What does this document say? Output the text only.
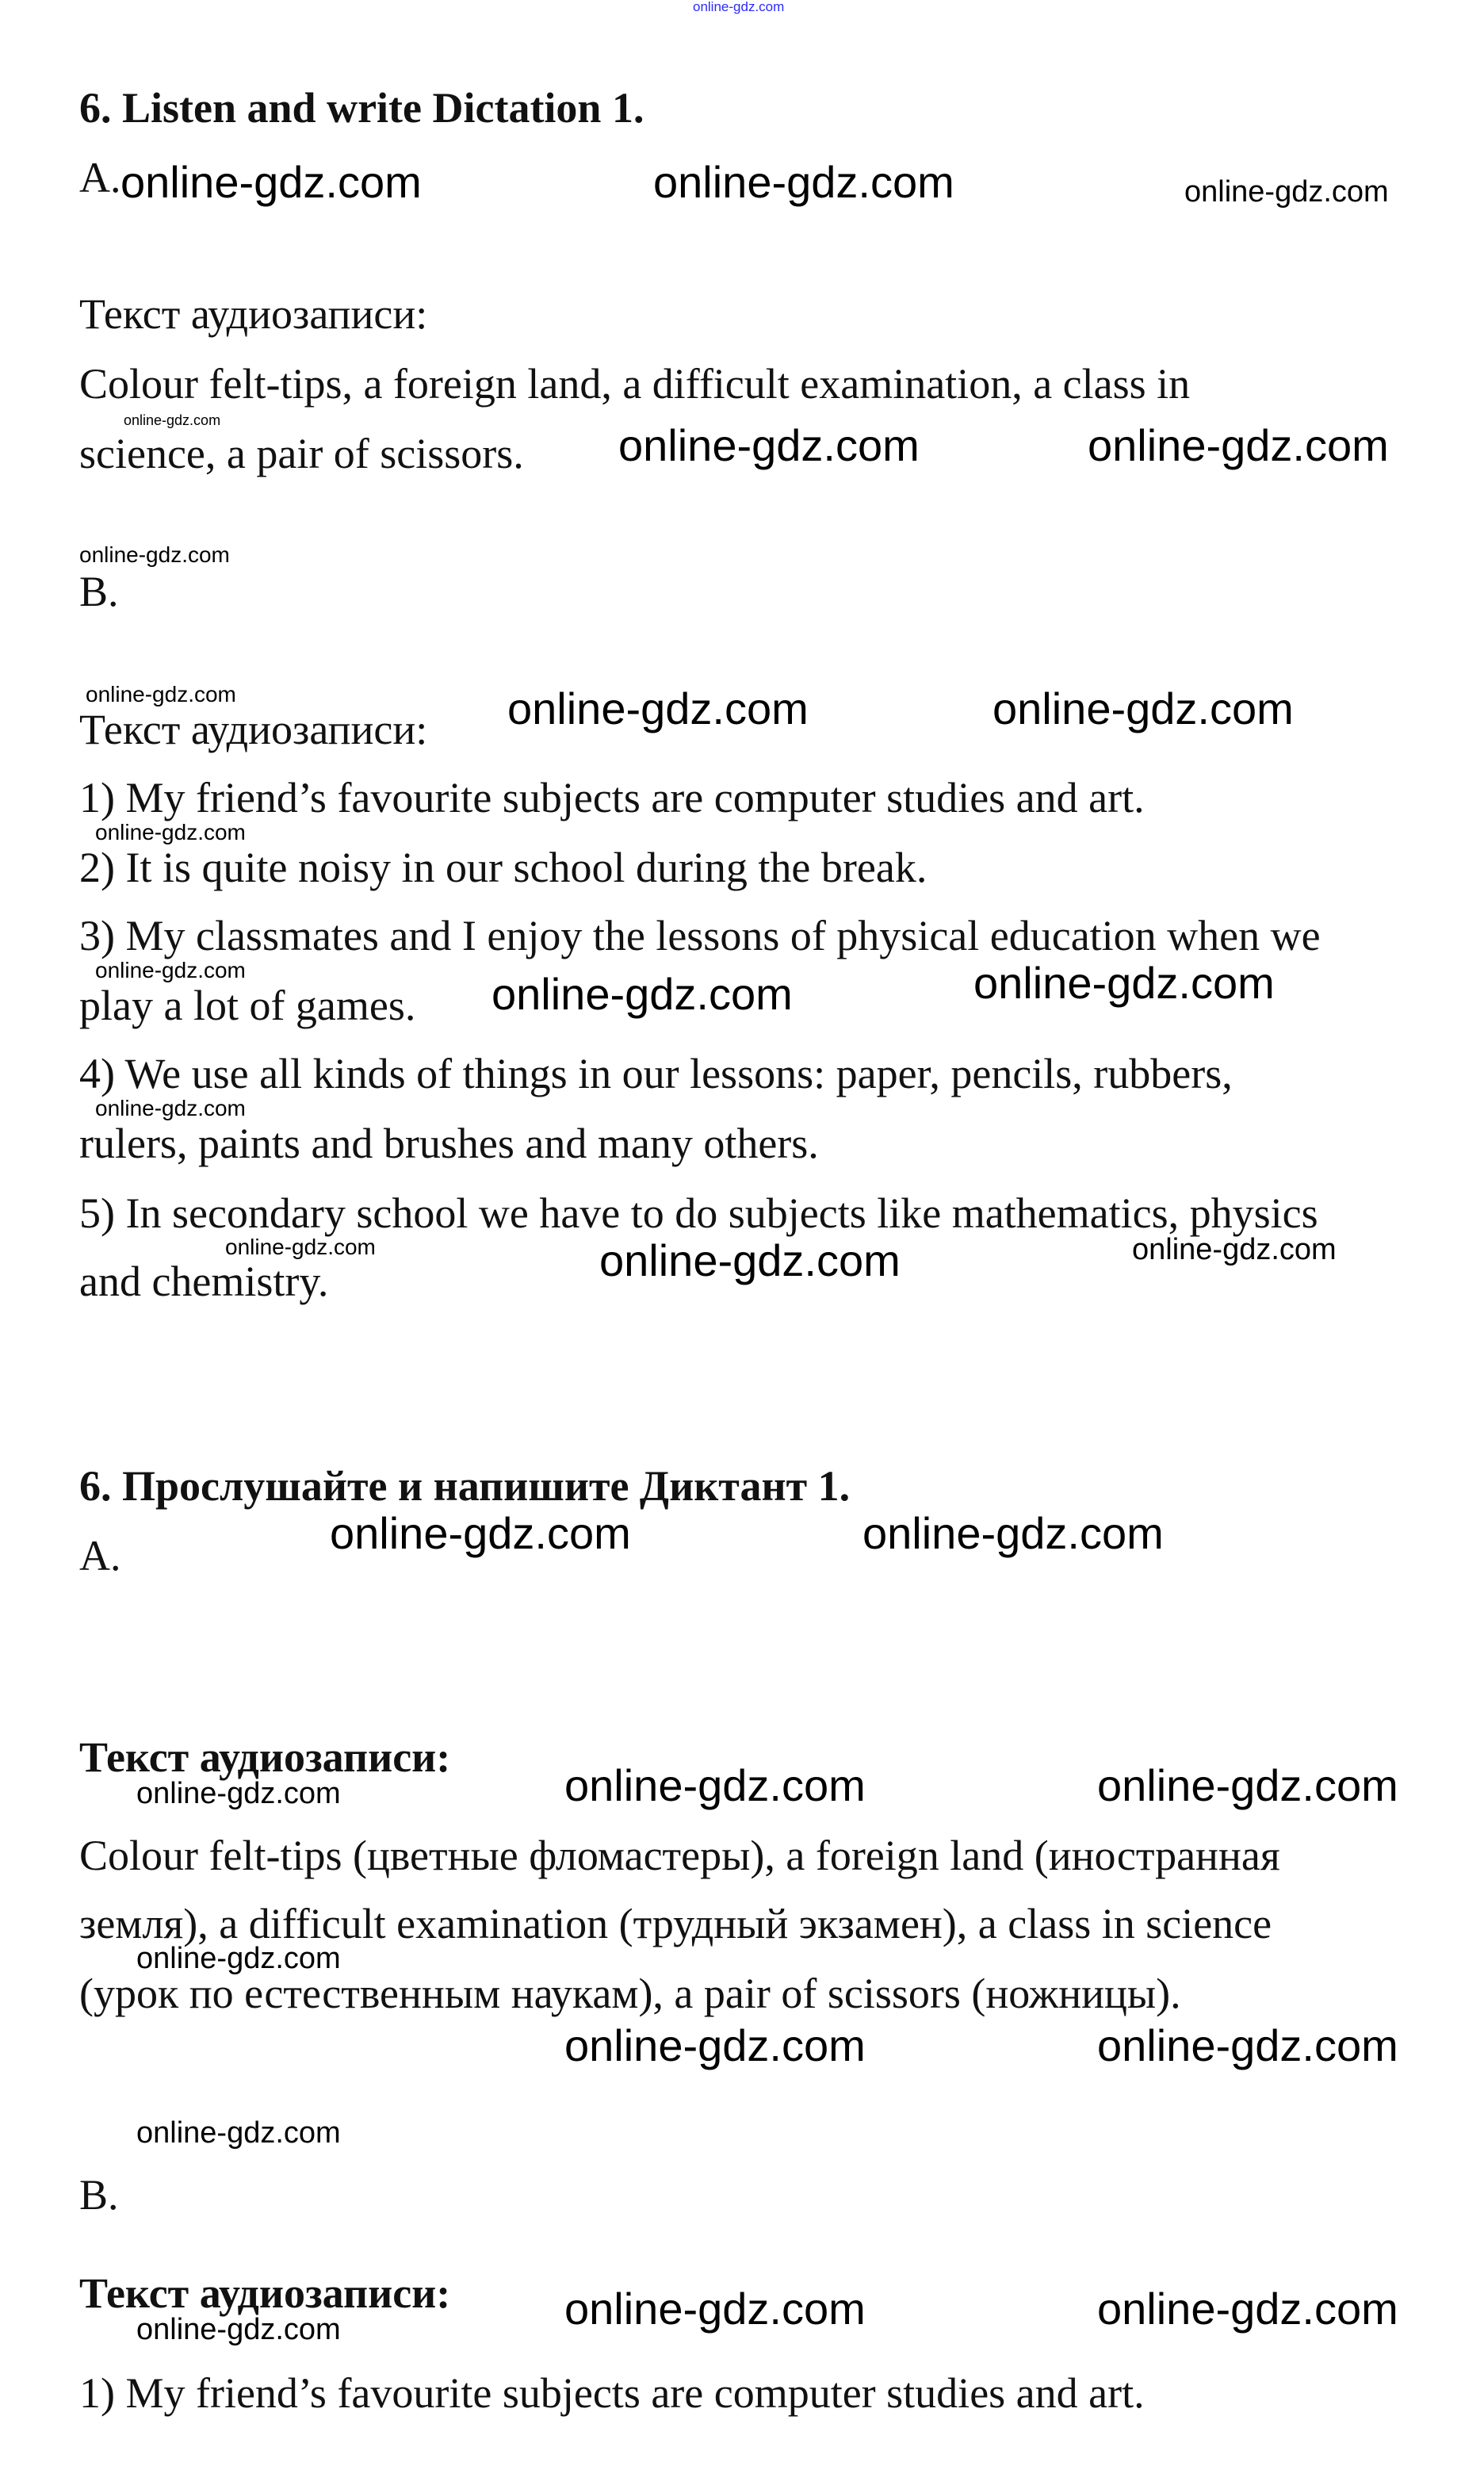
online-gdz.com
6. Listen and write Dictation 1.
A.
Текст аудиозаписи:
Colour felt-tips, a foreign land, a difficult examination, a class in
science, a pair of scissors.
B.
Текст аудиозаписи:
1) My friend’s favourite subjects are computer studies and art.
2) It is quite noisy in our school during the break.
3) My classmates and I enjoy the lessons of physical education when we
play a lot of games.
4) We use all kinds of things in our lessons: paper, pencils, rubbers,
rulers, paints and brushes and many others.
5) In secondary school we have to do subjects like mathematics, physics
and chemistry.
6. Прослушайте и напишите Диктант 1.
A.
Текст аудиозаписи:
Colour felt-tips (цветные фломастеры), a foreign land (иностранная
земля), a difficult examination (трудный экзамен), a class in science
(урок по естественным наукам), a pair of scissors (ножницы).
B.
Текст аудиозаписи:
1) My friend’s favourite subjects are computer studies and art.
online-gdz.com	online-gdz.com
online-gdz.com	online-gdz.com
online-gdz.com	online-gdz.com
online-gdz.com
online-gdz.com
online-gdz.com
online-gdz.com	online-gdz.com
online-gdz.com	online-gdz.com
online-gdz.com	online-gdz.com
online-gdz.com	online-gdz.com
online-gdz.com
online-gdz.com
online-gdz.com
online-gdz.com
online-gdz.com
online-gdz.com
online-gdz.com
online-gdz.com
online-gdz.com
online-gdz.com
online-gdz.com
online-gdz.com
online-gdz.com
